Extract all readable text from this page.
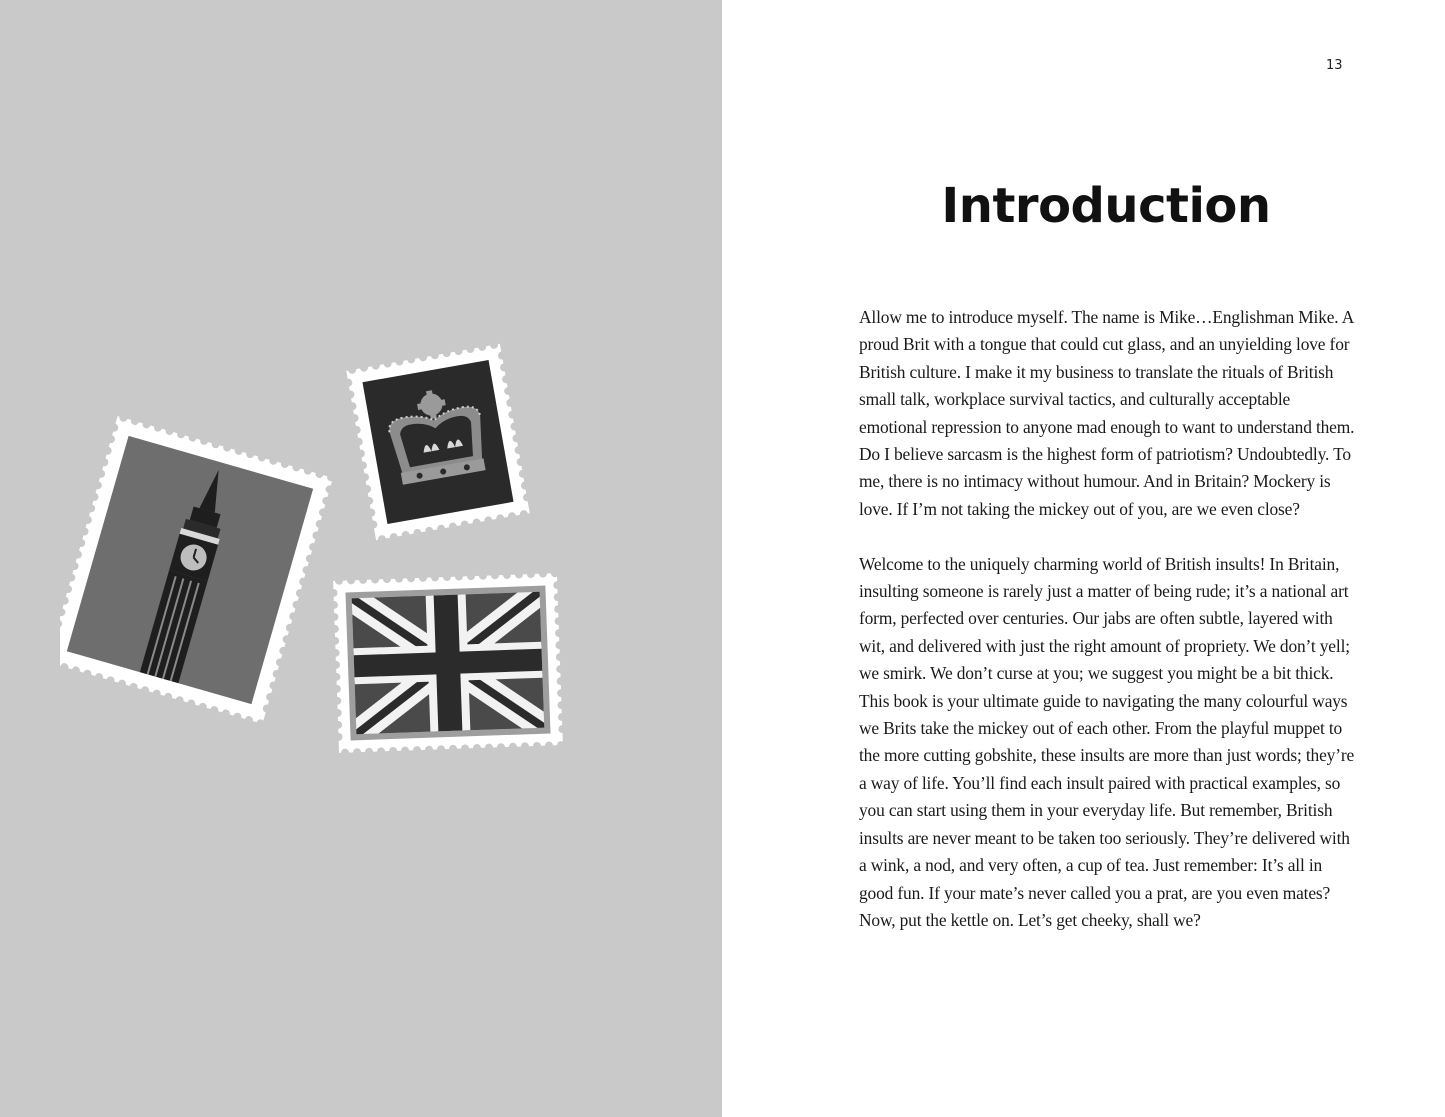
13
Introduction

Allow me to introduce myself. The name is Mike…Englishman Mike. A proud Brit with a tongue that could cut glass, and an unyielding love for British culture. I make it my business to translate the rituals of British small talk, workplace survival tactics, and culturally acceptable emotional repression to anyone mad enough to want to understand them. Do I believe sarcasm is the highest form of patriotism? Undoubtedly. To me, there is no intimacy without humour. And in Britain? Mockery is love. If I’m not taking the mickey out of you, are we even close?

Welcome to the uniquely charming world of British insults! In Britain, insulting someone is rarely just a matter of being rude; it’s a national art form, perfected over centuries. Our jabs are often subtle, layered with wit, and delivered with just the right amount of propriety. We don’t yell; we smirk. We don’t curse at you; we suggest you might be a bit thick. This book is your ultimate guide to navigating the many colourful ways we Brits take the mickey out of each other. From the playful muppet to the more cutting gobshite, these insults are more than just words; they’re a way of life. You’ll find each insult paired with practical examples, so you can start using them in your everyday life. But remember, British insults are never meant to be taken too seriously. They’re delivered with a wink, a nod, and very often, a cup of tea. Just remember: It’s all in good fun. If your mate’s never called you a prat, are you even mates? Now, put the kettle on. Let’s get cheeky, shall we?
